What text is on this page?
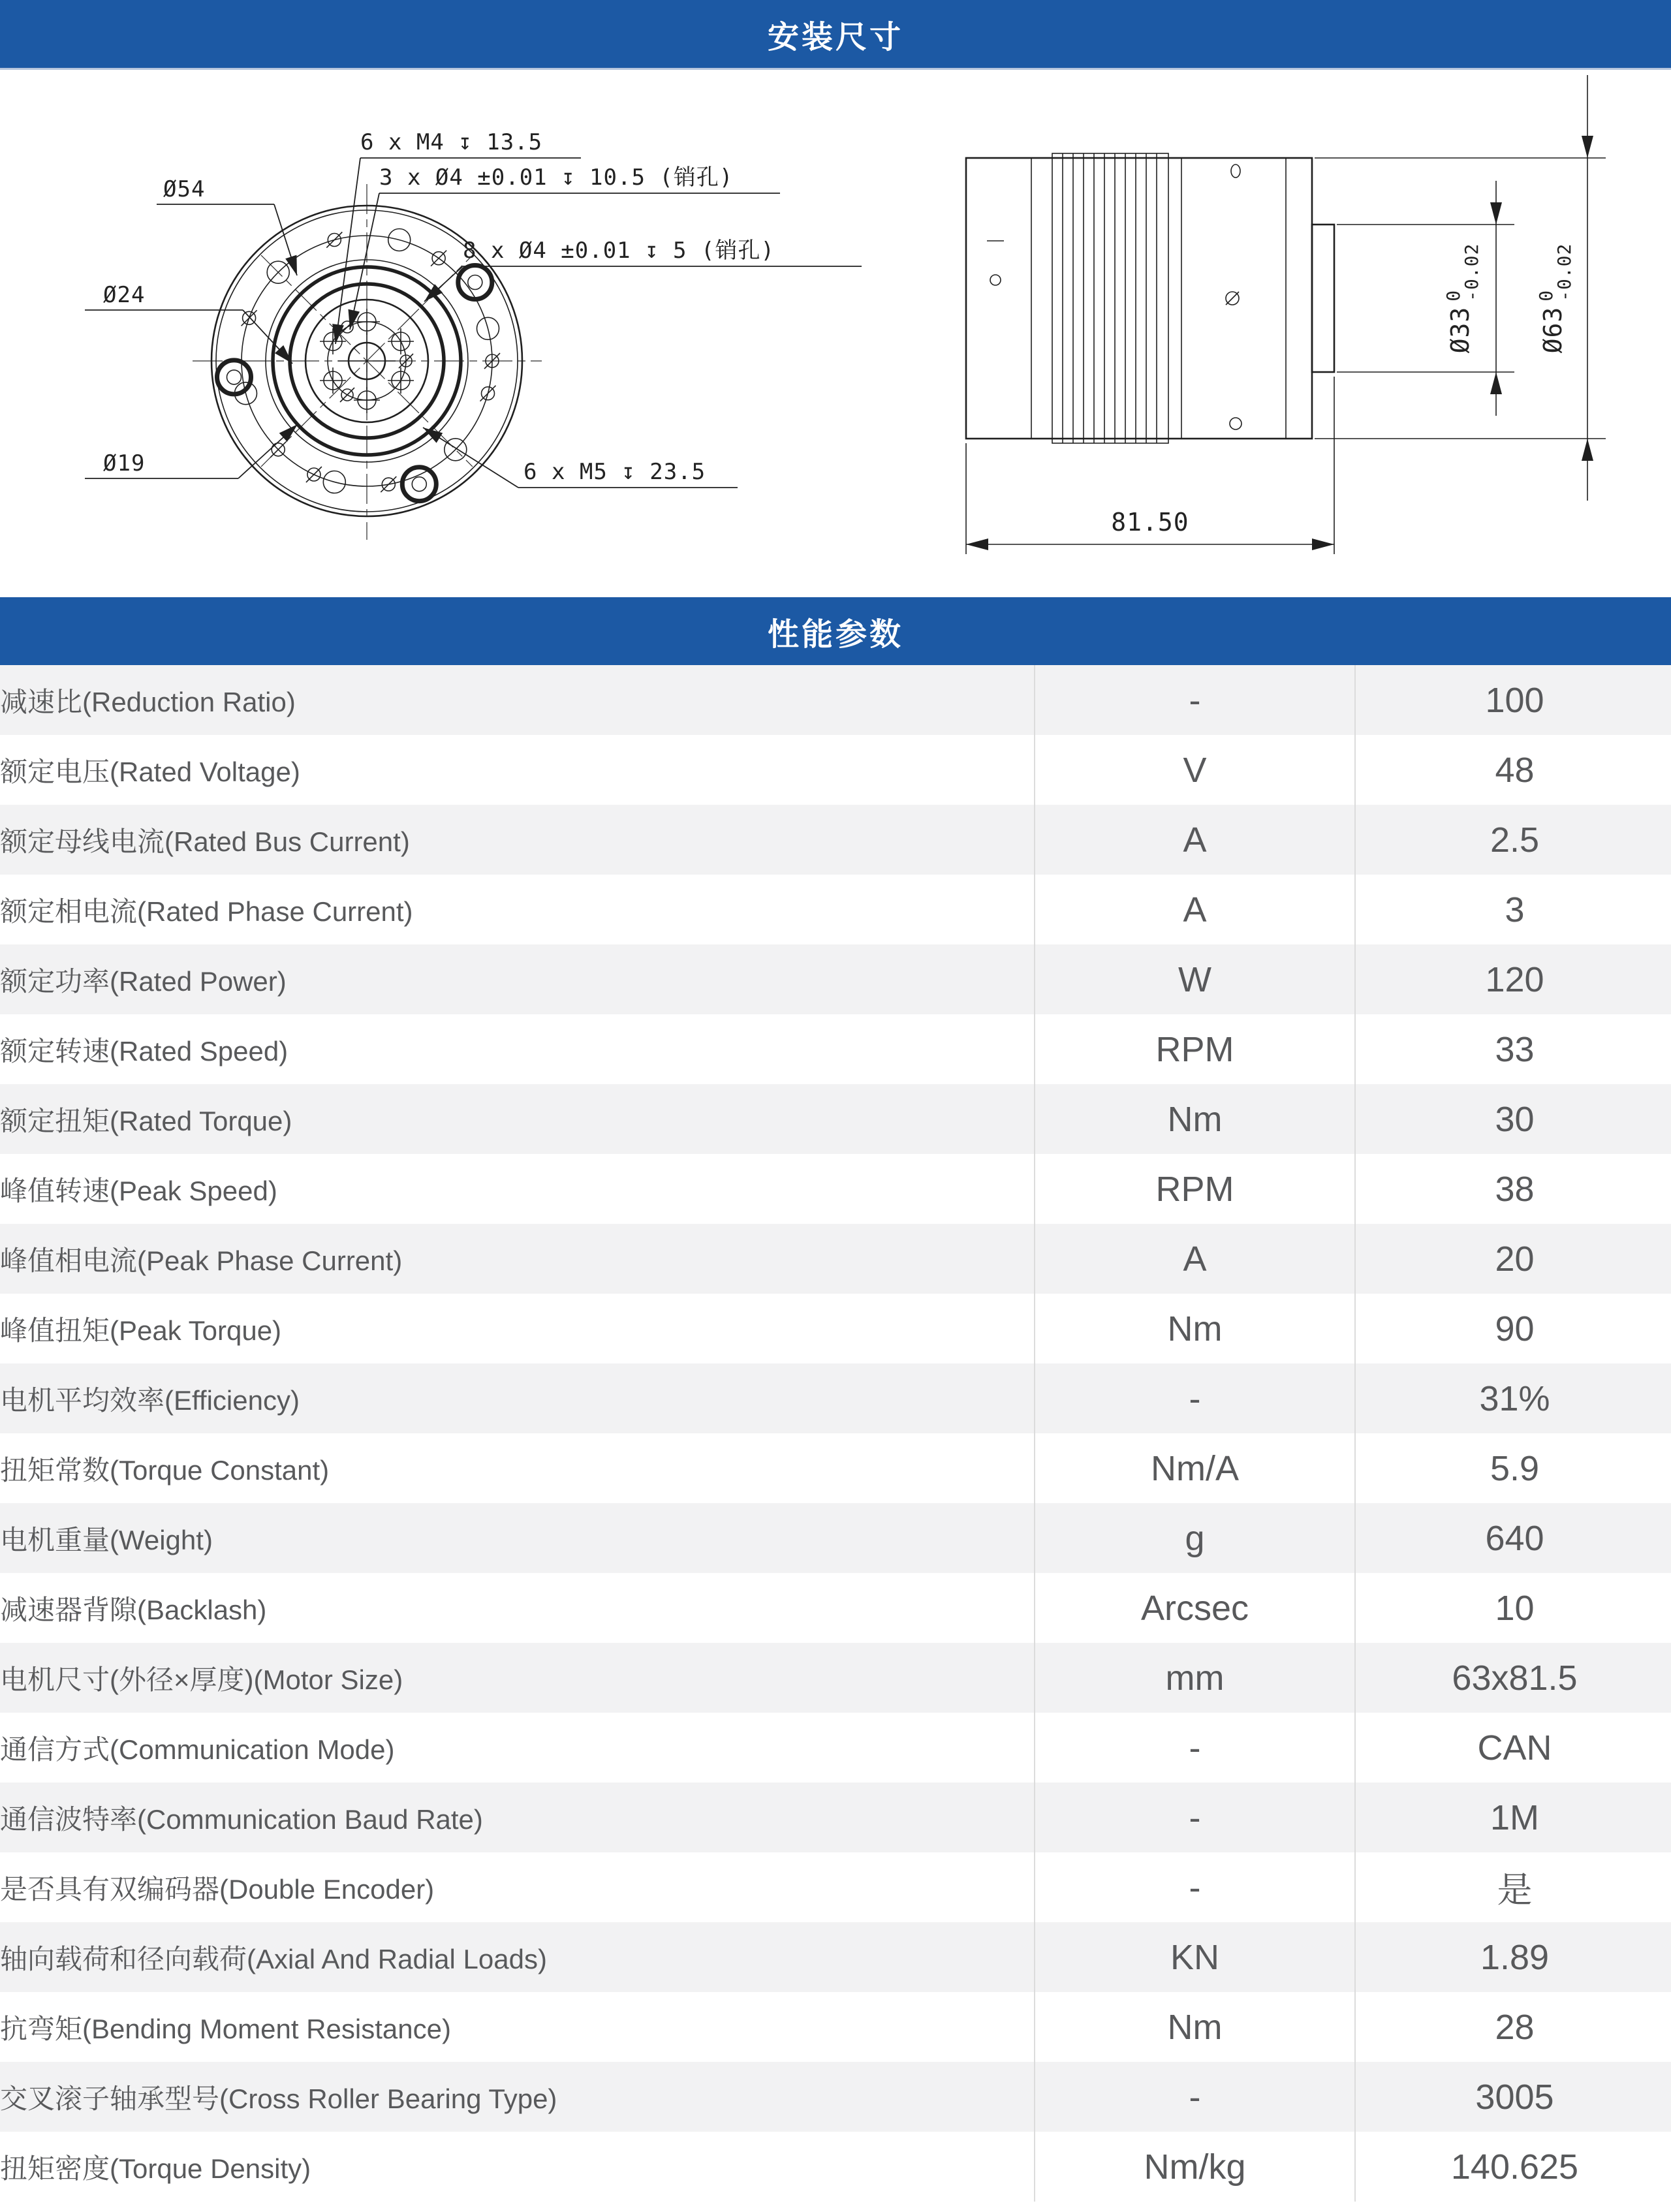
安装尺寸
6 x M4 ↧ 13.5
3 x Ø4 ±0.01 ↧ 10.5 (销孔)
8 x Ø4 ±0.01 ↧ 5 (销孔)
6 x M5 ↧ 23.5
Ø54
Ø24
Ø19
81.50
$Ø33^0-0.02$
$Ø63^0-0.02$
性能参数
减速比(Reduction Ratio)	-	100
额定电压(Rated Voltage)	V	48
额定母线电流(Rated Bus Current)	A	2.5
额定相电流(Rated Phase Current)	A	3
额定功率(Rated Power)	W	120
额定转速(Rated Speed)	RPM	33
额定扭矩(Rated Torque)	Nm	30
峰值转速(Peak Speed)	RPM	38
峰值相电流(Peak Phase Current)	A	20
峰值扭矩(Peak Torque)	Nm	90
电机平均效率(Efficiency)	-	31%
扭矩常数(Torque Constant)	Nm/A	5.9
电机重量(Weight)	g	640
减速器背隙(Backlash)	Arcsec	10
电机尺寸(外径×厚度)(Motor Size)	mm	63x81.5
通信方式(Communication Mode)	-	CAN
通信波特率(Communication Baud Rate)	-	1M
是否具有双编码器(Double Encoder)	-	是
轴向载荷和径向载荷(Axial And Radial Loads)	KN	1.89
抗弯矩(Bending Moment Resistance)	Nm	28
交叉滚子轴承型号(Cross Roller Bearing Type)	-	3005
扭矩密度(Torque Density)	Nm/kg	140.625
